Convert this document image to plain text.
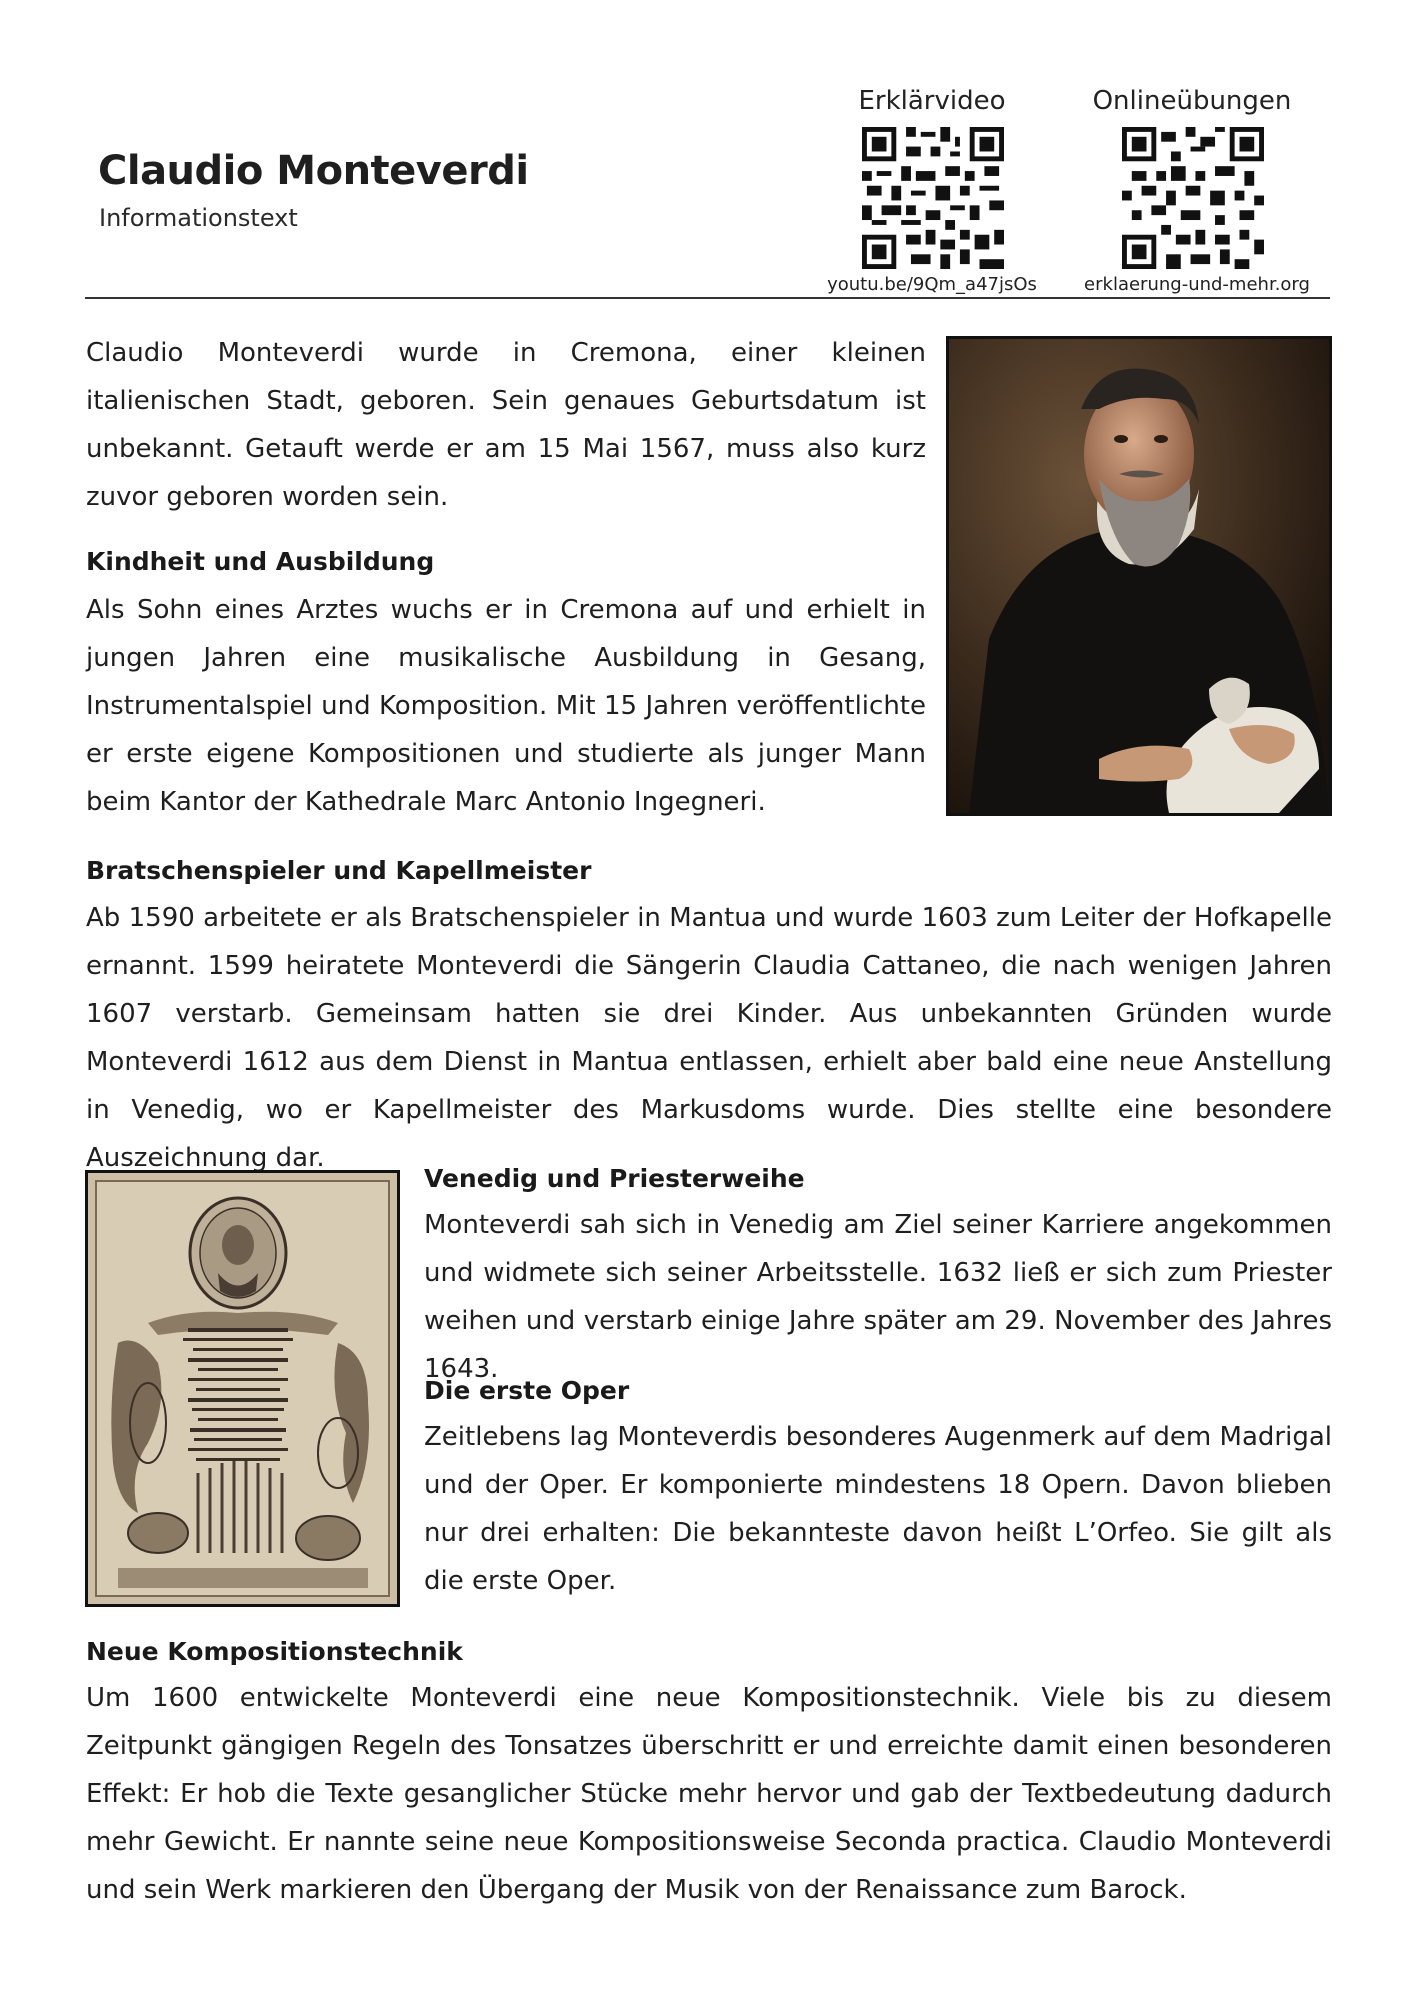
Claudio Monteverdi
Informationstext
Erklärvideo	Onlineübungen
youtu.be/9Qm_a47jsOs	erklaerung-und-mehr.org
Claudio Monteverdi wurde in Cremona, einer kleinen italienischen Stadt, geboren. Sein genaues Geburtsdatum ist unbekannt. Getauft werde er am 15 Mai 1567, muss also kurz zuvor geboren worden sein.
Kindheit und Ausbildung
Als Sohn eines Arztes wuchs er in Cremona auf und erhielt in jungen Jahren eine musikalische Ausbildung in Gesang, Instrumentalspiel und Komposition. Mit 15 Jahren veröffentlichte er erste eigene Kompositionen und studierte als junger Mann beim Kantor der Kathedrale Marc Antonio Ingegneri.
Bratschenspieler und Kapellmeister
Ab 1590 arbeitete er als Bratschenspieler in Mantua und wurde 1603 zum Leiter der Hofkapelle ernannt. 1599 heiratete Monteverdi die Sängerin Claudia Cattaneo, die nach wenigen Jahren 1607 verstarb. Gemeinsam hatten sie drei Kinder. Aus unbekannten Gründen wurde Monteverdi 1612 aus dem Dienst in Mantua entlassen, erhielt aber bald eine neue Anstellung in Venedig, wo er Kapellmeister des Markusdoms wurde. Dies stellte eine besondere Auszeichnung dar.
Venedig und Priesterweihe
Monteverdi sah sich in Venedig am Ziel seiner Karriere angekommen und widmete sich seiner Arbeitsstelle. 1632 ließ er sich zum Priester weihen und verstarb einige Jahre später am 29. November des Jahres 1643.
Die erste Oper
Zeitlebens lag Monteverdis besonderes Augenmerk auf dem Madrigal und der Oper. Er komponierte mindestens 18 Opern. Davon blieben nur drei erhalten: Die bekannteste davon heißt L’Orfeo. Sie gilt als die erste Oper.
Neue Kompositionstechnik
Um 1600 entwickelte Monteverdi eine neue Kompositionstechnik. Viele bis zu diesem Zeitpunkt gängigen Regeln des Tonsatzes überschritt er und erreichte damit einen besonderen Effekt: Er hob die Texte gesanglicher Stücke mehr hervor und gab der Textbedeutung dadurch mehr Gewicht. Er nannte seine neue Kompositionsweise Seconda practica. Claudio Monteverdi und sein Werk markieren den Übergang der Musik von der Renaissance zum Barock.
